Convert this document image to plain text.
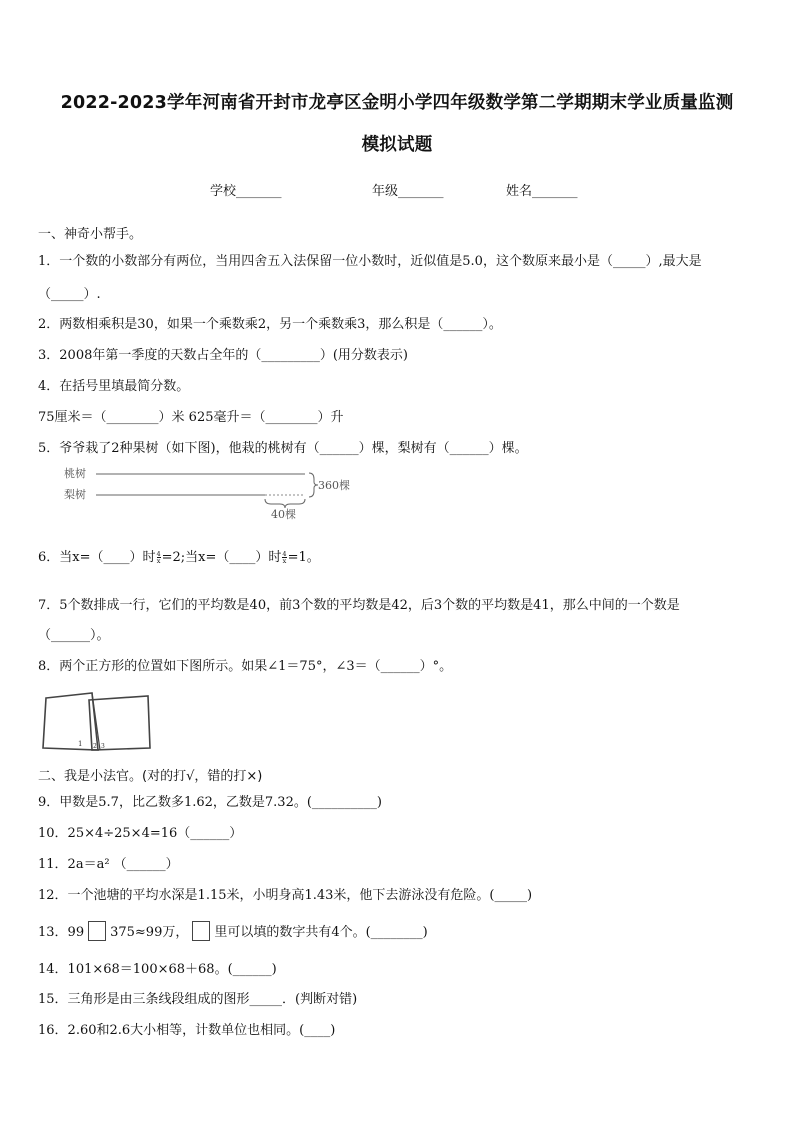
2022-2023学年河南省开封市龙亭区金明小学四年级数学第二学期期末学业质量监测
模拟试题
学校_______	年级_______	姓名_______
一、神奇小帮手。
1．一个数的小数部分有两位，当用四舍五入法保留一位小数时，近似值是5.0，这个数原来最小是（_____）,最大是
（_____）.
2．两数相乘积是30，如果一个乘数乘2，另一个乘数乘3，那么积是（______）。
3．2008年第一季度的天数占全年的（_________）(用分数表示)
4．在括号里填最简分数。
75厘米＝（________）米 625毫升＝（________）升
5．爷爷栽了2种果树（如下图)，他栽的桃树有（______）棵，梨树有（______）棵。
桃树
梨树
360棵
40棵
6．当x=（____）时 $\frac{4}{x} =2$;当x=（____）时 $\frac{4}{x} =1$。
7．5个数排成一行，它们的平均数是40，前3个数的平均数是42，后3个数的平均数是41，那么中间的一个数是
（______）。
8．两个正方形的位置如下图所示。如果∠1＝75°，∠3＝（______）°。
1 2 3
二、我是小法官。(对的打√，错的打×)
9．甲数是5.7，比乙数多1.62，乙数是7.32。(__________)
10．25×4÷25×4=16（______）
11．2a＝a² （______）
12．一个池塘的平均水深是1.15米，小明身高1.43米，他下去游泳没有危险。(_____)
13．99 375≈99万， 里可以填的数字共有4个。(________)
14．101×68＝100×68＋68。(______)
15．三角形是由三条线段组成的图形_____．(判断对错)
16．2.60和2.6大小相等，计数单位也相同。(____)
